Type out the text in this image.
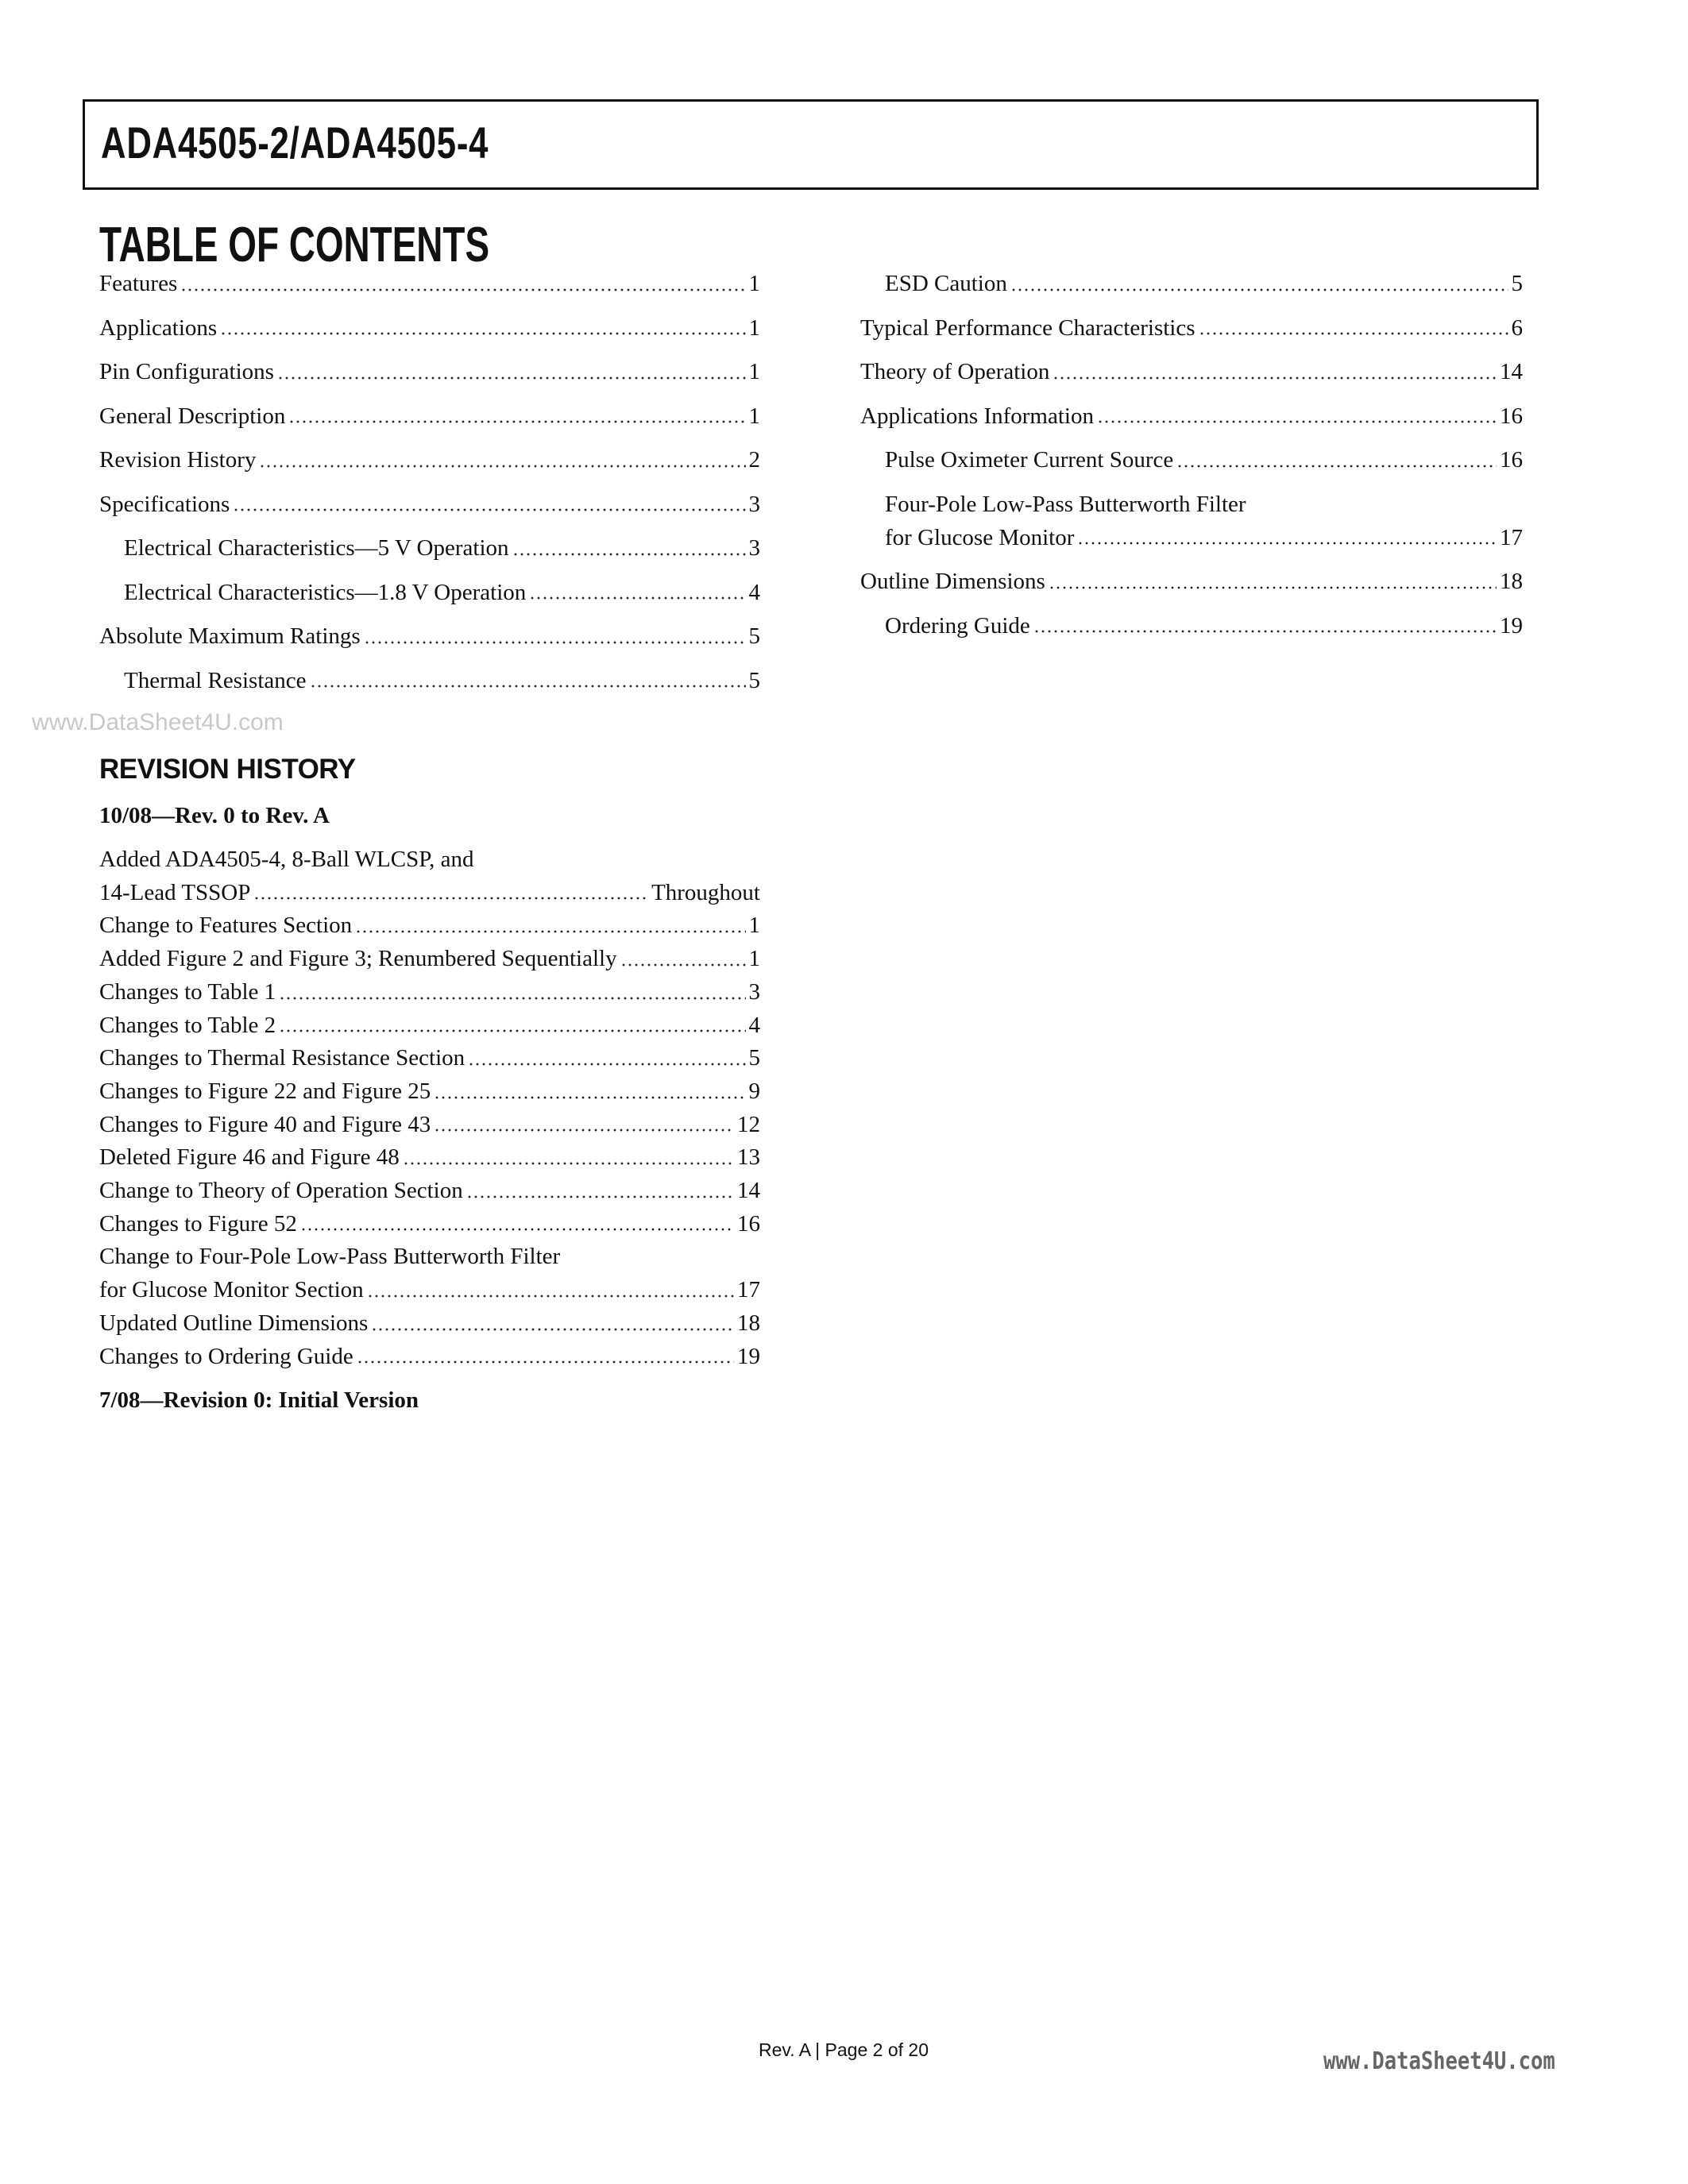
ADA4505-2/ADA4505-4
TABLE OF CONTENTS
Features	1
Applications	1
Pin Configurations	1
General Description	1
Revision History	2
Specifications	3
Electrical Characteristics—5 V Operation	3
Electrical Characteristics—1.8 V Operation	4
Absolute Maximum Ratings	5
Thermal Resistance	5
ESD Caution	5
Typical Performance Characteristics	6
Theory of Operation	14
Applications Information	16
Pulse Oximeter Current Source	16
Four-Pole Low-Pass Butterworth Filter
for Glucose Monitor	17
Outline Dimensions	18
Ordering Guide	19
www.DataSheet4U.com
REVISION HISTORY
10/08—Rev. 0 to Rev. A
Added ADA4505-4, 8-Ball WLCSP, and
14-Lead TSSOP	Throughout
Change to Features Section	1
Added Figure 2 and Figure 3; Renumbered Sequentially	1
Changes to Table 1	3
Changes to Table 2	4
Changes to Thermal Resistance Section	5
Changes to Figure 22 and Figure 25	9
Changes to Figure 40 and Figure 43	12
Deleted Figure 46 and Figure 48	13
Change to Theory of Operation Section	14
Changes to Figure 52	16
Change to Four-Pole Low-Pass Butterworth Filter
for Glucose Monitor Section	17
Updated Outline Dimensions	18
Changes to Ordering Guide	19
7/08—Revision 0: Initial Version
Rev. A | Page 2 of 20	www.DataSheet4U.com
